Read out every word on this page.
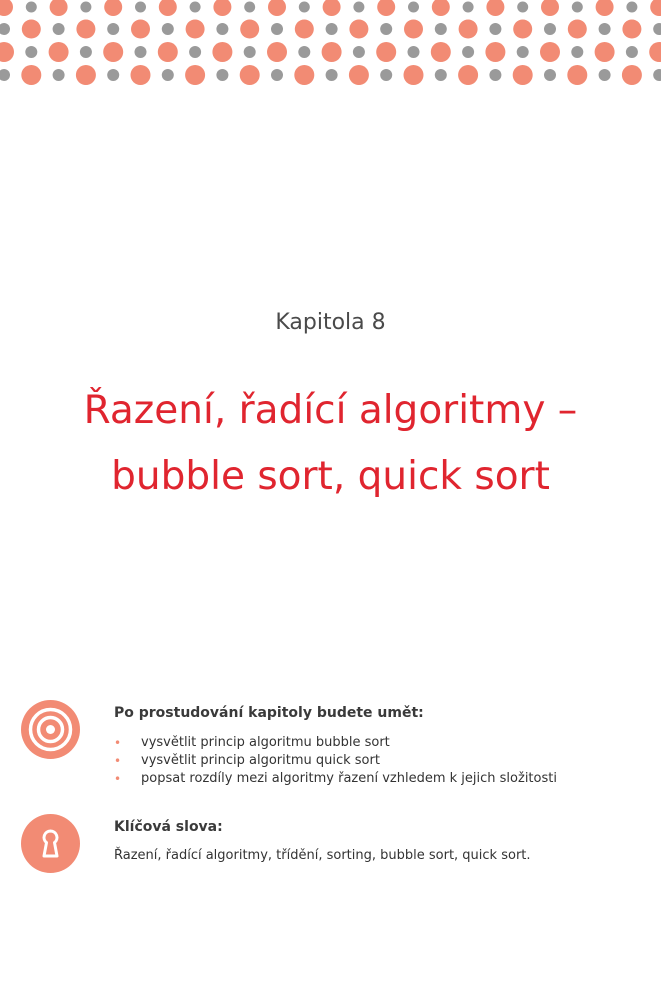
Kapitola 8
Řazení, řadící algoritmy –
bubble sort, quick sort
Po prostudování kapitoly budete umět:
• vysvětlit princip algoritmu bubble sort
• vysvětlit princip algoritmu quick sort
• popsat rozdíly mezi algoritmy řazení vzhledem k jejich složitosti
Klíčová slova:
Řazení, řadící algoritmy, třídění, sorting, bubble sort, quick sort.
